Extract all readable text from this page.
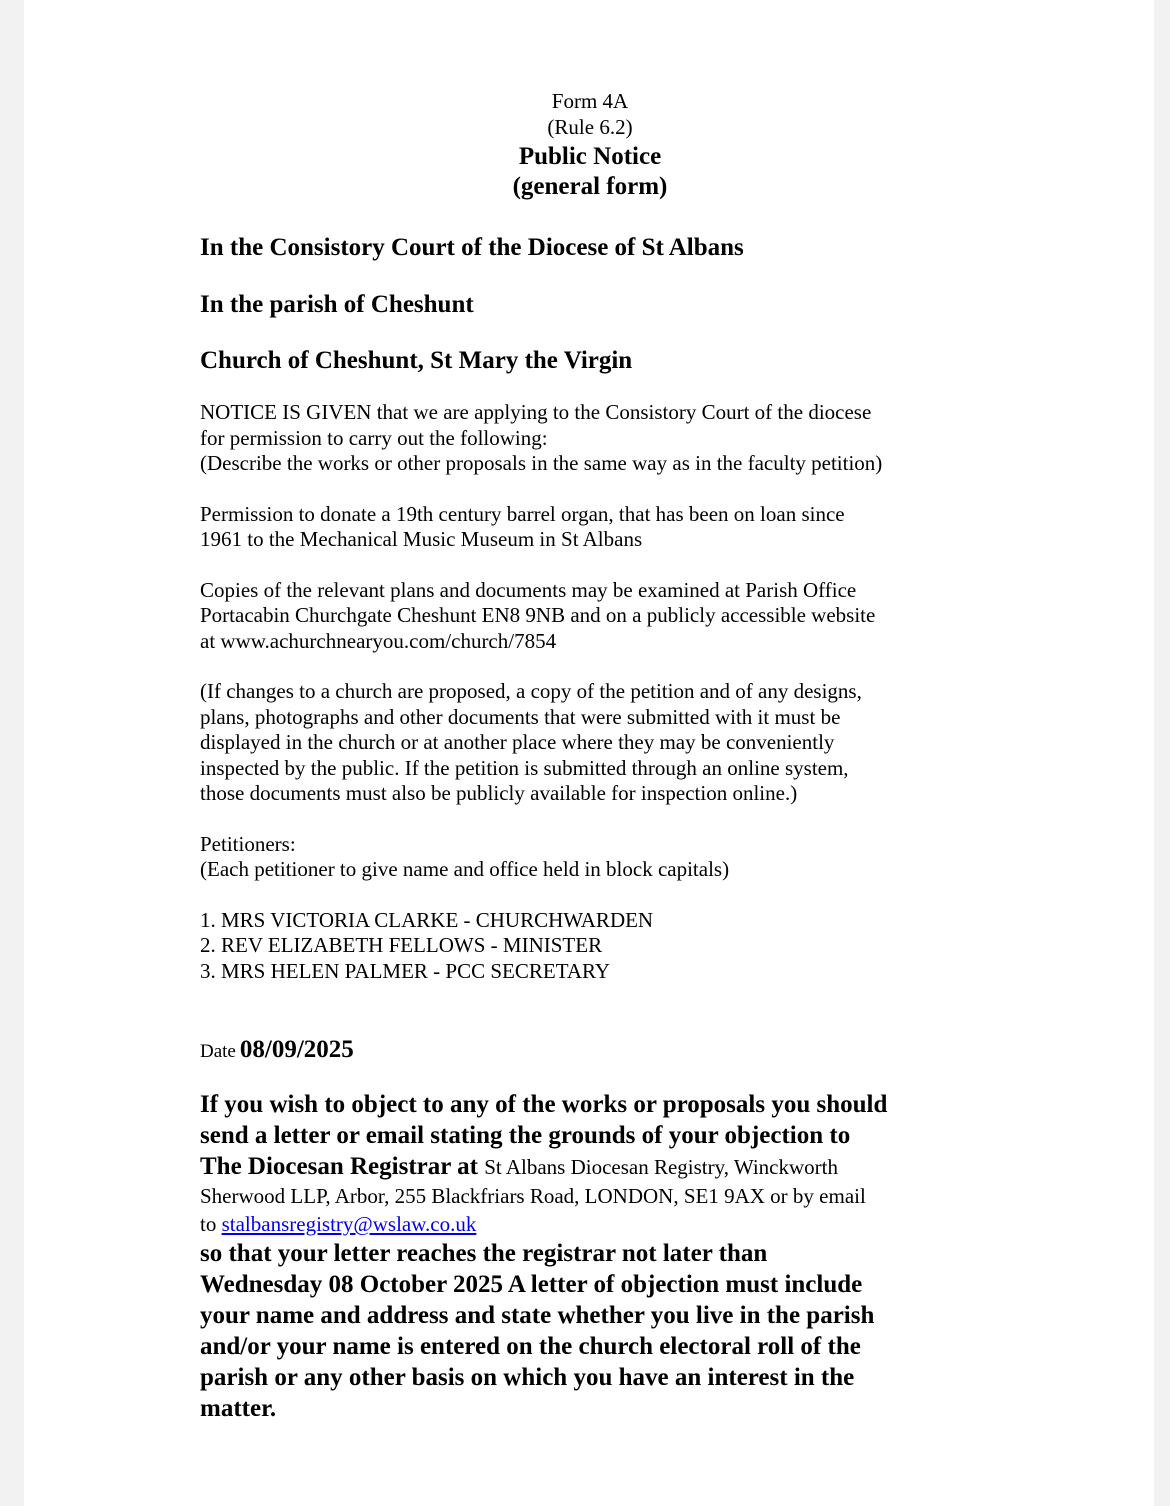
Form 4A
(Rule 6.2)
Public Notice
(general form)
In the Consistory Court of the Diocese of St Albans
In the parish of Cheshunt
Church of Cheshunt, St Mary the Virgin
NOTICE IS GIVEN that we are applying to the Consistory Court of the diocese
for permission to carry out the following:
(Describe the works or other proposals in the same way as in the faculty petition)
Permission to donate a 19th century barrel organ, that has been on loan since
1961 to the Mechanical Music Museum in St Albans
Copies of the relevant plans and documents may be examined at Parish Office
Portacabin Churchgate Cheshunt EN8 9NB and on a publicly accessible website
at www.achurchnearyou.com/church/7854
(If changes to a church are proposed, a copy of the petition and of any designs,
plans, photographs and other documents that were submitted with it must be
displayed in the church or at another place where they may be conveniently
inspected by the public. If the petition is submitted through an online system,
those documents must also be publicly available for inspection online.)
Petitioners:
(Each petitioner to give name and office held in block capitals)
1. MRS VICTORIA CLARKE - CHURCHWARDEN
2. REV ELIZABETH FELLOWS - MINISTER
3. MRS HELEN PALMER - PCC SECRETARY
Date 08/09/2025
If you wish to object to any of the works or proposals you should
send a letter or email stating the grounds of your objection to
The Diocesan Registrar at St Albans Diocesan Registry, Winckworth
Sherwood LLP, Arbor, 255 Blackfriars Road, LONDON, SE1 9AX or by email
to stalbansregistry@wslaw.co.uk
so that your letter reaches the registrar not later than
Wednesday 08 October 2025 A letter of objection must include
your name and address and state whether you live in the parish
and/or your name is entered on the church electoral roll of the
parish or any other basis on which you have an interest in the
matter.
